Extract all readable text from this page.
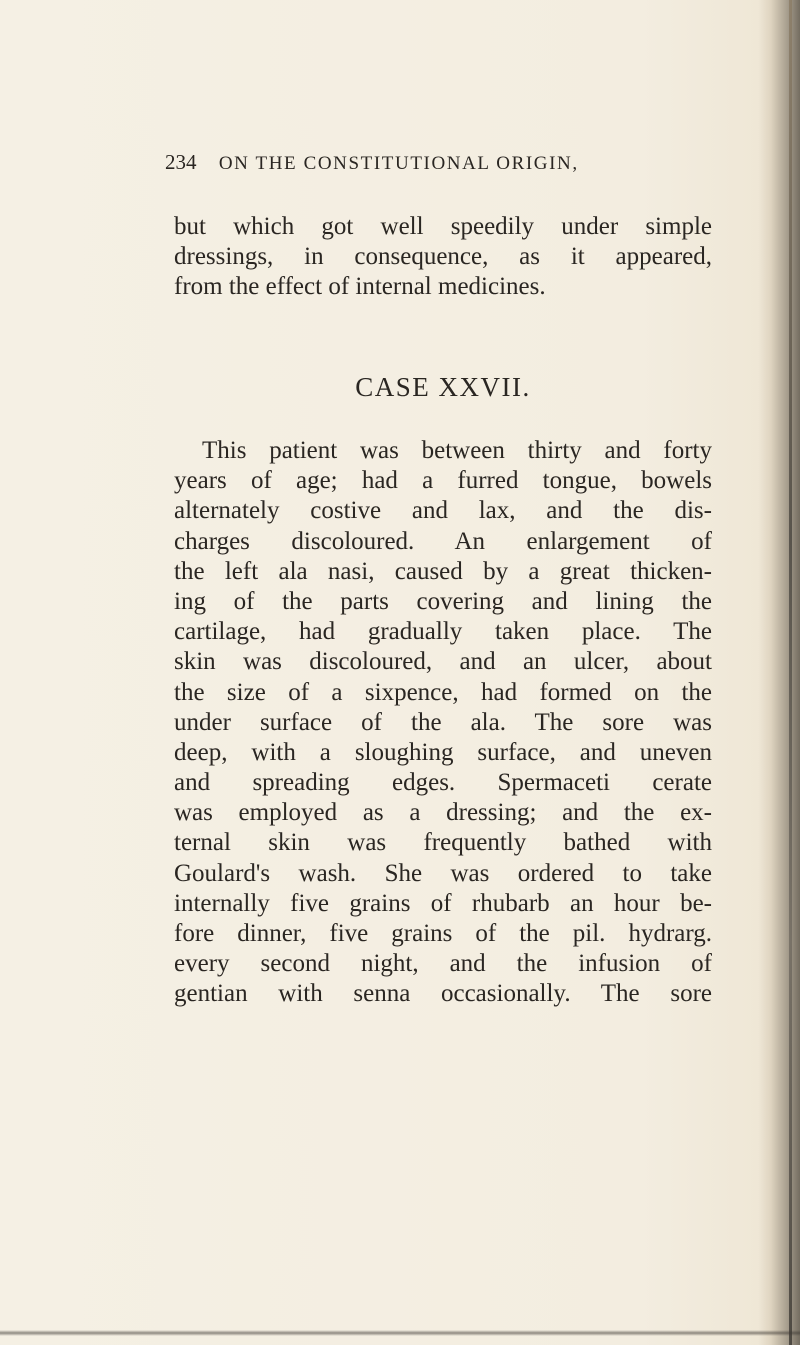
234 ON THE CONSTITUTIONAL ORIGIN,
but which got well speedily under simple
dressings, in consequence, as it appeared,
from the effect of internal medicines.
CASE XXVII.
This patient was between thirty and forty
years of age; had a furred tongue, bowels
alternately costive and lax, and the dis-
charges discoloured. An enlargement of
the left ala nasi, caused by a great thicken-
ing of the parts covering and lining the
cartilage, had gradually taken place. The
skin was discoloured, and an ulcer, about
the size of a sixpence, had formed on the
under surface of the ala. The sore was
deep, with a sloughing surface, and uneven
and spreading edges. Spermaceti cerate
was employed as a dressing; and the ex-
ternal skin was frequently bathed with
Goulard's wash. She was ordered to take
internally five grains of rhubarb an hour be-
fore dinner, five grains of the pil. hydrarg.
every second night, and the infusion of
gentian with senna occasionally. The sore
